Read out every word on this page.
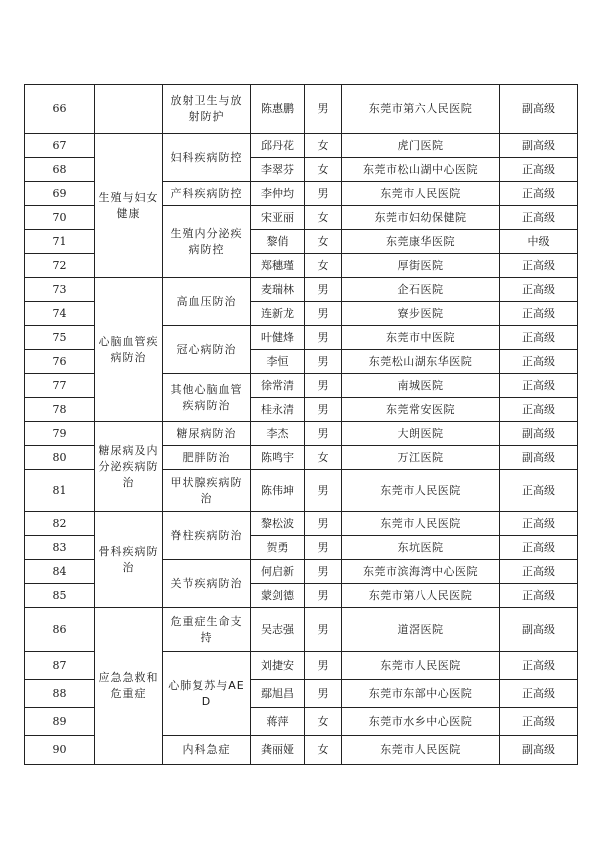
66		放射卫生与放射防护	陈惠鹏	男	东莞市第六人民医院	副高级
67	生殖与妇女健康	妇科疾病防控	邱丹花	女	虎门医院	副高级
68			李翠芬	女	东莞市松山湖中心医院	正高级
69		产科疾病防控	李仲均	男	东莞市人民医院	正高级
70		生殖内分泌疾病防控	宋亚丽	女	东莞市妇幼保健院	正高级
71			黎俏	女	东莞康华医院	中级
72			郑穗瑾	女	厚街医院	正高级
73	心脑血管疾病防治	高血压防治	麦瑞林	男	企石医院	正高级
74			连新龙	男	寮步医院	正高级
75		冠心病防治	叶健烽	男	东莞市中医院	正高级
76			李恒	男	东莞松山湖东华医院	正高级
77		其他心脑血管疾病防治	徐常清	男	南城医院	正高级
78			桂永清	男	东莞常安医院	正高级
79	糖尿病及内分泌疾病防治	糖尿病防治	李杰	男	大朗医院	副高级
80		肥胖防治	陈鸣宇	女	万江医院	副高级
81		甲状腺疾病防治	陈伟坤	男	东莞市人民医院	正高级
82	骨科疾病防治	脊柱疾病防治	黎松波	男	东莞市人民医院	正高级
83			贺勇	男	东坑医院	正高级
84		关节疾病防治	何启新	男	东莞市滨海湾中心医院	正高级
85			蒙剑德	男	东莞市第八人民医院	正高级
86	应急急救和危重症	危重症生命支持	吴志强	男	道滘医院	副高级
87		心肺复苏与AED	刘捷安	男	东莞市人民医院	正高级
88			鄢旭昌	男	东莞市东部中心医院	正高级
89			蒋萍	女	东莞市水乡中心医院	正高级
90		内科急症	龚丽娅	女	东莞市人民医院	副高级
